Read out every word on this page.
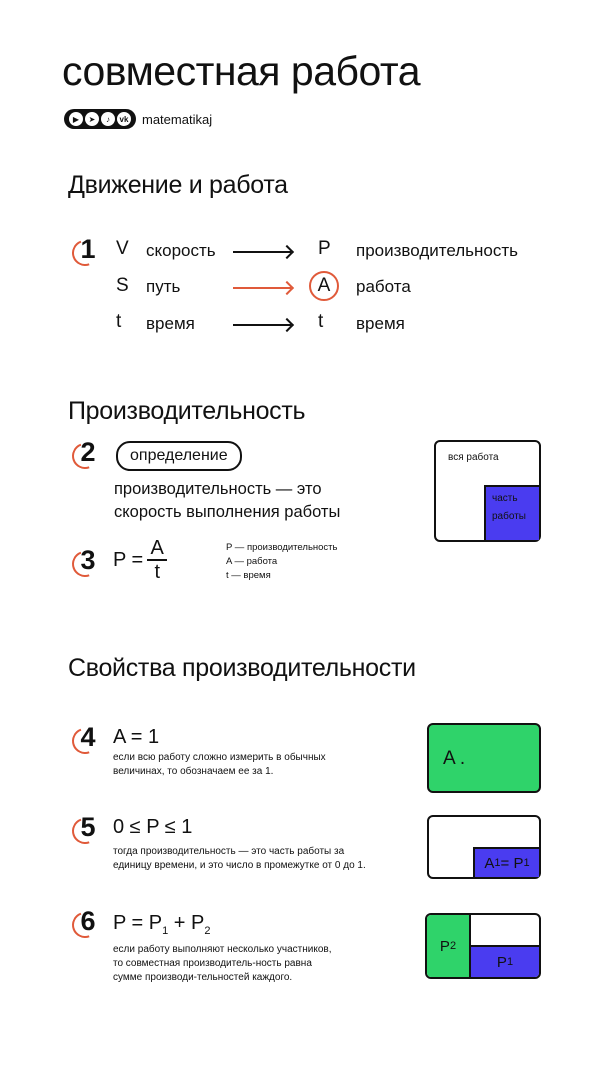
совместная работа
▶	➤	♪	vk matematikaj
Движение и работа
1 V скорость	P производительность
S путь	A работа
t время	t время
Производительность
2	определение
производительность — это
скорость выполнения работы
вся работа
часть
работы
3 $P = \frac{A}{t}$	P — производительность
A — работа
t — время
Свойства производительности
4 A = 1
если всю работу сложно измерить в обычных
величинах, то обозначаем ее за 1.
A .
5 0 ≤ P ≤ 1
тогда производительность — это часть работы за
единицу времени, и это число в промежутке от 0 до 1.	A 1 = P 1
6 $P = P_1 + P_2$
если работу выполняют несколько участников,
то совместная производитель-ность равна
сумме производи-тельностей каждого.
P 2
P 1
